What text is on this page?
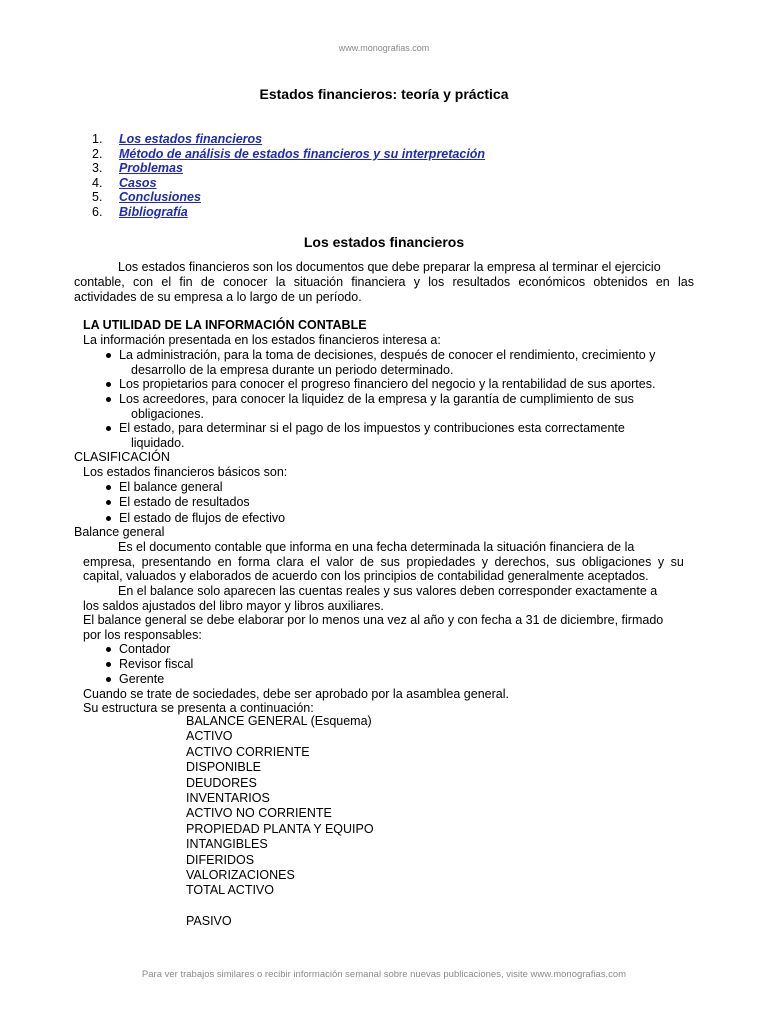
www.monografias.com
Estados financieros: teoría y práctica
1.	Los estados financieros
2.	Método de análisis de estados financieros y su interpretación
3.	Problemas
4.	Casos
5.	Conclusiones
6.	Bibliografía
Los estados financieros
Los estados financieros son los documentos que debe preparar la empresa al terminar el ejercicio
contable, con el fin de conocer la situación financiera y los resultados económicos obtenidos en las
actividades de su empresa a lo largo de un período.
LA UTILIDAD DE LA INFORMACIÓN CONTABLE
La información presentada en los estados financieros interesa a:
La administración, para la toma de decisiones, después de conocer el rendimiento, crecimiento y
desarrollo de la empresa durante un periodo determinado.
Los propietarios para conocer el progreso financiero del negocio y la rentabilidad de sus aportes.
Los acreedores, para conocer la liquidez de la empresa y la garantía de cumplimiento de sus
obligaciones.
El estado, para determinar si el pago de los impuestos y contribuciones esta correctamente
liquidado.
CLASIFICACIÓN
Los estados financieros básicos son:
El balance general
El estado de resultados
El estado de flujos de efectivo
Balance general
Es el documento contable que informa en una fecha determinada la situación financiera de la
empresa, presentando en forma clara el valor de sus propiedades y derechos, sus obligaciones y su
capital, valuados y elaborados de acuerdo con los principios de contabilidad generalmente aceptados.
En el balance solo aparecen las cuentas reales y sus valores deben corresponder exactamente a
los saldos ajustados del libro mayor y libros auxiliares.
El balance general se debe elaborar por lo menos una vez al año y con fecha a 31 de diciembre, firmado
por los responsables:
Contador
Revisor fiscal
Gerente
Cuando se trate de sociedades, debe ser aprobado por la asamblea general.
Su estructura se presenta a continuación:
BALANCE GENERAL (Esquema)
ACTIVO
ACTIVO CORRIENTE
DISPONIBLE
DEUDORES
INVENTARIOS
ACTIVO NO CORRIENTE
PROPIEDAD PLANTA Y EQUIPO
INTANGIBLES
DIFERIDOS
VALORIZACIONES
TOTAL ACTIVO
PASIVO
Para ver trabajos similares o recibir información semanal sobre nuevas publicaciones, visite www.monografias.com
